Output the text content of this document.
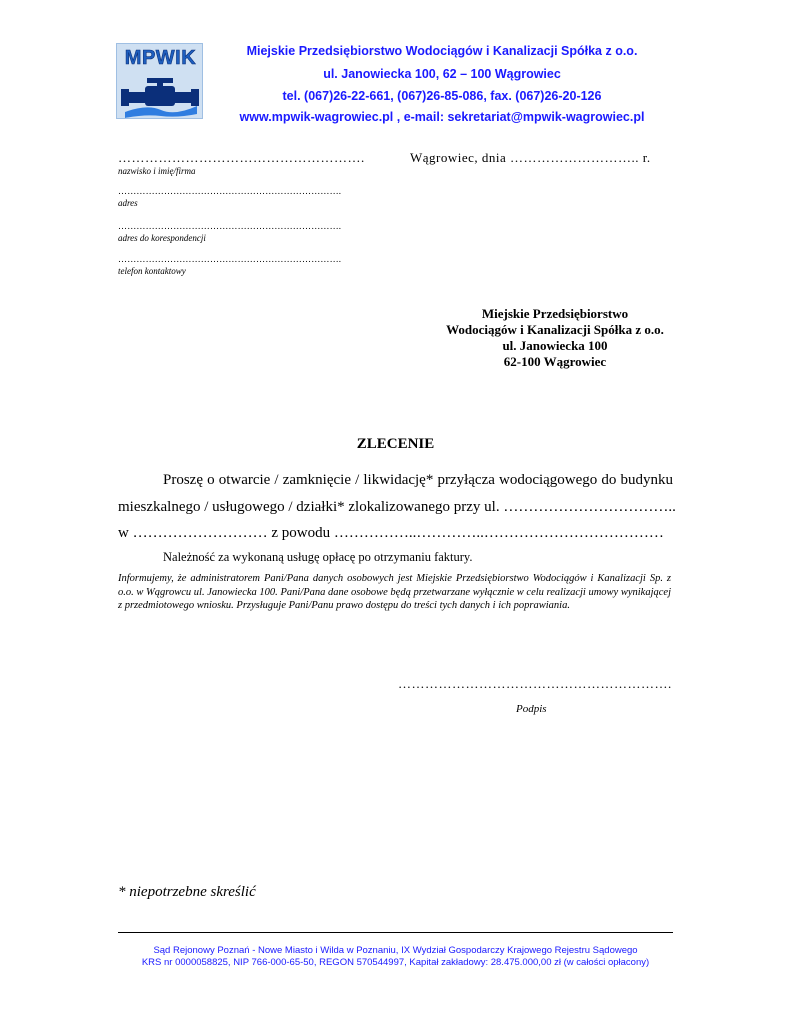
MPWIK	Miejskie Przedsiębiorstwo Wodociągów i Kanalizacji Spółka z o.o.
ul. Janowiecka 100, 62 – 100 Wągrowiec
tel. (067)26-22-661, (067)26-85-086, fax. (067)26-20-126
www.mpwik-wagrowiec.pl , e-mail: sekretariat@mpwik-wagrowiec.pl
……………………………………………….
nazwisko i imię/firma
Wągrowiec, dnia ……………………….. r.
……………………………………………………………….
adres
……………………………………………………………….
adres do korespondencji
……………………………………………………………….
telefon kontaktowy
Miejskie Przedsiębiorstwo
Wodociągów i Kanalizacji Spółka z o.o.
ul. Janowiecka 100
62-100 Wągrowiec
ZLECENIE
Proszę o otwarcie / zamknięcie / likwidację* przyłącza wodociągowego do budynku
mieszkalnego / usługowego / działki* zlokalizowanego przy ul. ……………………………..
w ……………………… z powodu ……………..…………..………………………………
Należność za wykonaną usługę opłacę po otrzymaniu faktury.
Informujemy, że administratorem Pani/Pana danych osobowych jest Miejskie Przedsiębiorstwo Wodociągów i Kanalizacji Sp. z o.o. w Wągrowcu ul. Janowiecka 100. Pani/Pana dane osobowe będą przetwarzane wyłącznie w celu realizacji umowy wynikającej z przedmiotowego wniosku. Przysługuje Pani/Panu prawo dostępu do treści tych danych i ich poprawiania.
…………………………………………………….
Podpis
* niepotrzebne skreślić
Sąd Rejonowy Poznań - Nowe Miasto i Wilda w Poznaniu, IX Wydział Gospodarczy Krajowego Rejestru Sądowego
KRS nr 0000058825, NIP 766-000-65-50, REGON 570544997, Kapitał zakładowy: 28.475.000,00 zł (w całości opłacony)
